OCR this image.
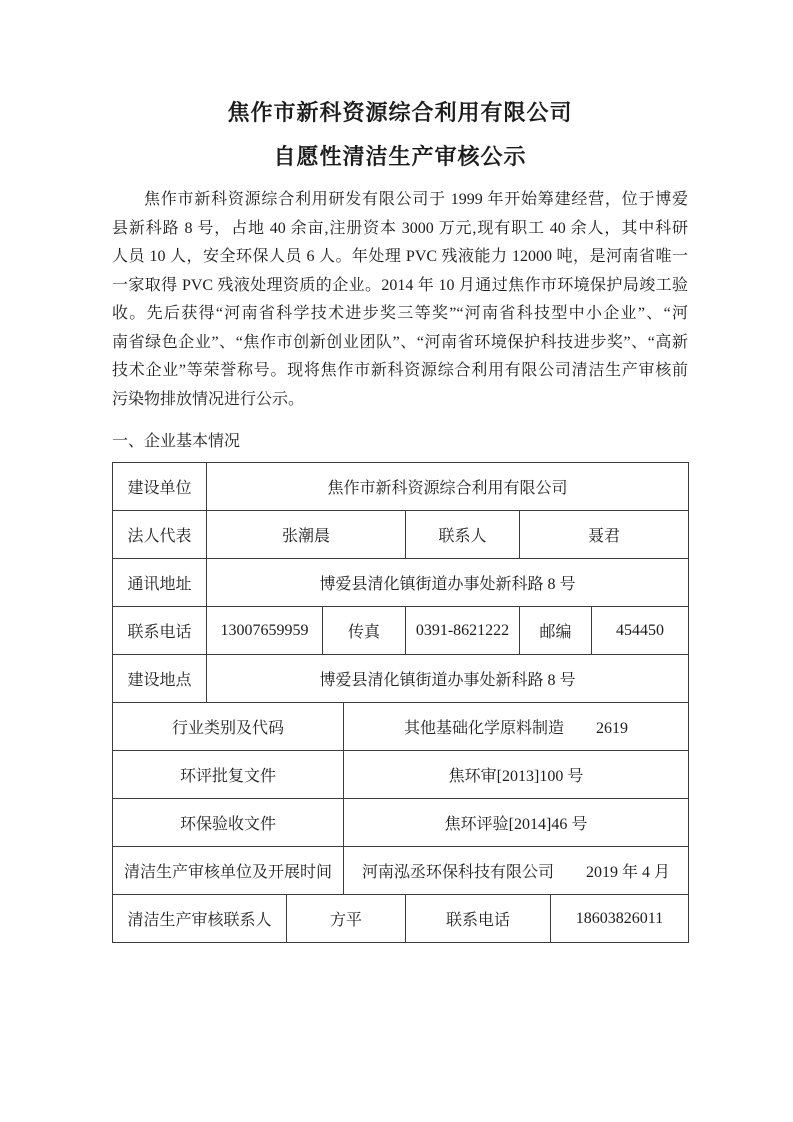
焦作市新科资源综合利用有限公司
自愿性清洁生产审核公示
焦作市新科资源综合利用研发有限公司于 1999 年开始筹建经营，位于博爱
县新科路 8 号，占地 40 余亩,注册资本 3000 万元,现有职工 40 余人，其中科研
人员 10 人，安全环保人员 6 人。年处理 PVC 残液能力 12000 吨，是河南省唯一
一家取得 PVC 残液处理资质的企业。2014 年 10 月通过焦作市环境保护局竣工验
收。先后获得“河南省科学技术进步奖三等奖”“河南省科技型中小企业”、“河
南省绿色企业”、“焦作市创新创业团队”、“河南省环境保护科技进步奖”、“高新
技术企业”等荣誉称号。现将焦作市新科资源综合利用有限公司清洁生产审核前
污染物排放情况进行公示。
一、企业基本情况
建设单位	焦作市新科资源综合利用有限公司							
法人代表	张潮晨				联系人	聂君		
通讯地址	博爱县清化镇街道办事处新科路 8 号							
联系电话	13007659959		传真		0391-8621222	邮编		454450
建设地点	博爱县清化镇街道办事处新科路 8 号							
行业类别及代码				其他基础化学原料制造　　2619				
环评批复文件				焦环审[2013]100 号				
环保验收文件				焦环评验[2014]46 号				
清洁生产审核单位及开展时间				河南泓丞环保科技有限公司　　2019 年 4 月				
清洁生产审核联系人		方平			联系电话		18603826011	
